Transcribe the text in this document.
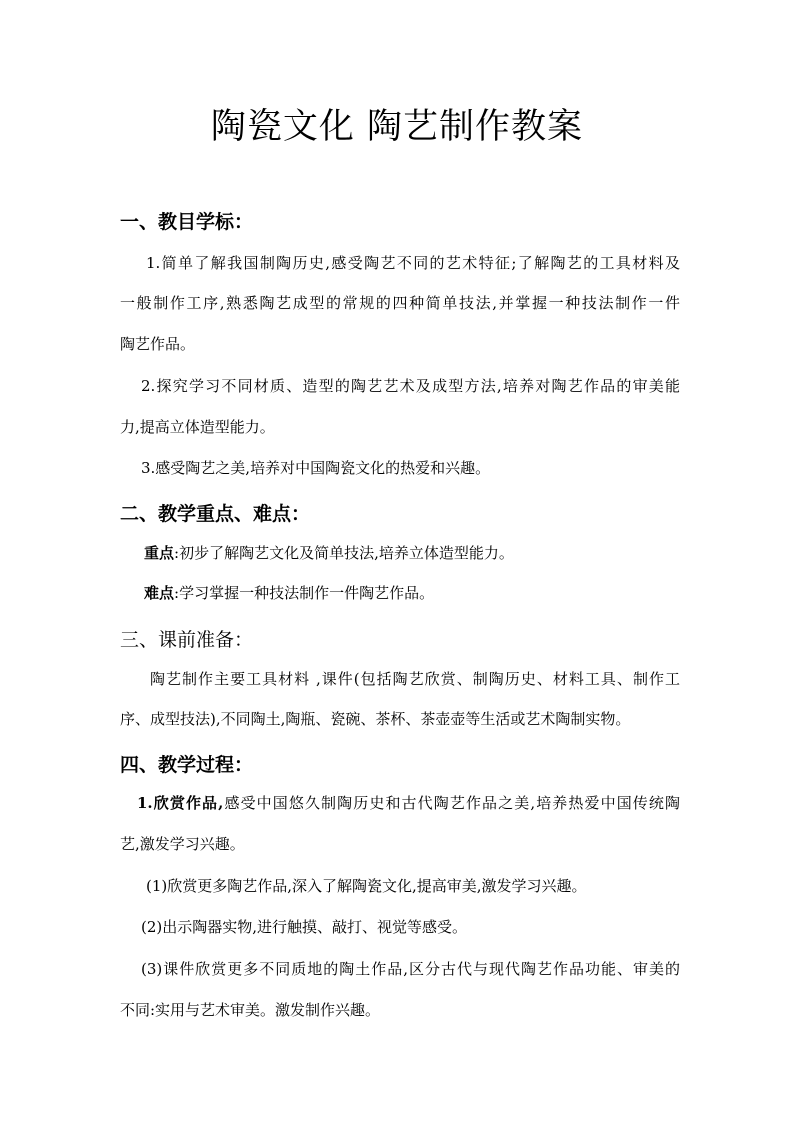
陶瓷文化 陶艺制作教案
一、教目学标：
1.简单了解我国制陶历史,感受陶艺不同的艺术特征;了解陶艺的工具材料及
一般制作工序,熟悉陶艺成型的常规的四种简单技法,并掌握一种技法制作一件
陶艺作品。
2.探究学习不同材质、造型的陶艺艺术及成型方法,培养对陶艺作品的审美能
力,提高立体造型能力。
3.感受陶艺之美,培养对中国陶瓷文化的热爱和兴趣。
二、教学重点、难点：
重点:初步了解陶艺文化及简单技法,培养立体造型能力。
难点:学习掌握一种技法制作一件陶艺作品。
三、课前准备：
陶艺制作主要工具材料 ,课件(包括陶艺欣赏、制陶历史、材料工具、制作工
序、成型技法),不同陶土,陶瓶、瓷碗、茶杯、茶壶壶等生活或艺术陶制实物。
四、教学过程：
1.欣赏作品,感受中国悠久制陶历史和古代陶艺作品之美,培养热爱中国传统陶
艺,激发学习兴趣。
(1)欣赏更多陶艺作品,深入了解陶瓷文化,提高审美,激发学习兴趣。
(2)出示陶器实物,进行触摸、敲打、视觉等感受。
(3)课件欣赏更多不同质地的陶土作品,区分古代与现代陶艺作品功能、审美的
不同:实用与艺术审美。激发制作兴趣。
